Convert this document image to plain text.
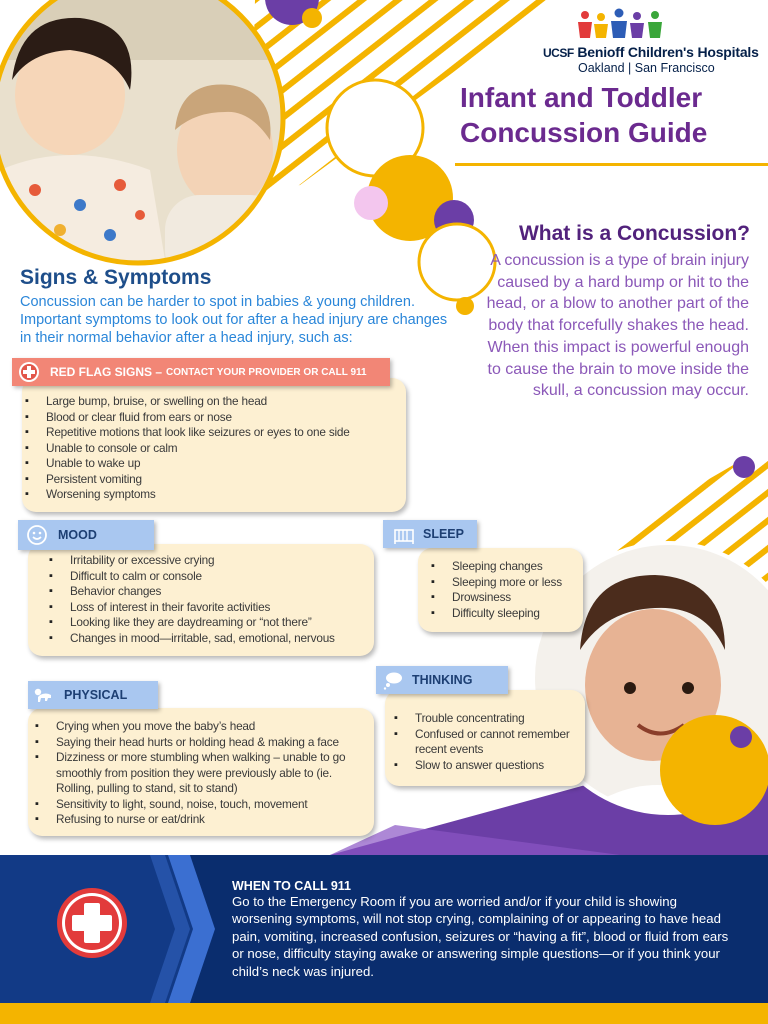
WHEN TO CALL 911
Go to the Emergency Room if you are worried and/or if your child is showing worsening symptoms, will not stop crying, complaining of or appearing to have head pain, vomiting, increased confusion, seizures or “having a fit”, blood or fluid from ears or nose, difficulty staying awake or answering simple questions—or if you think your child’s neck was injured.
UCSF Benioff Children's Hospitals
Oakland | San Francisco
Infant and Toddler
Concussion Guide
What is a Concussion?
A concussion is a type of brain injury caused by a hard bump or hit to the head, or a blow to another part of the body that forcefully shakes the head. When this impact is powerful enough to cause the brain to move inside the skull, a concussion may occur.
Signs & Symptoms
Concussion can be harder to spot in babies & young children. Important symptoms to look out for after a head injury are changes in their normal behavior after a head injury, such as:
▪ Large bump, bruise, or swelling on the head
▪ Blood or clear fluid from ears or nose
▪ Repetitive motions that look like seizures or eyes to one side
▪ Unable to console or calm
▪ Unable to wake up
▪ Persistent vomiting
▪ Worsening symptoms
RED FLAG SIGNS – CONTACT YOUR PROVIDER OR CALL 911
▪ Irritability or excessive crying
▪ Difficult to calm or console
▪ Behavior changes
▪ Loss of interest in their favorite activities
▪ Looking like they are daydreaming or “not there”
▪ Changes in mood—irritable, sad, emotional, nervous
MOOD
▪ Sleeping changes
▪ Sleeping more or less
▪ Drowsiness
▪ Difficulty sleeping
SLEEP
▪ Crying when you move the baby’s head
▪ Saying their head hurts or holding head & making a face
▪ Dizziness or more stumbling when walking – unable to go smoothly from position they were previously able to (ie. Rolling, pulling to stand, sit to stand)
▪ Sensitivity to light, sound, noise, touch, movement
▪ Refusing to nurse or eat/drink
PHYSICAL
▪ Trouble concentrating
▪ Confused or cannot remember recent events
▪ Slow to answer questions
THINKING
